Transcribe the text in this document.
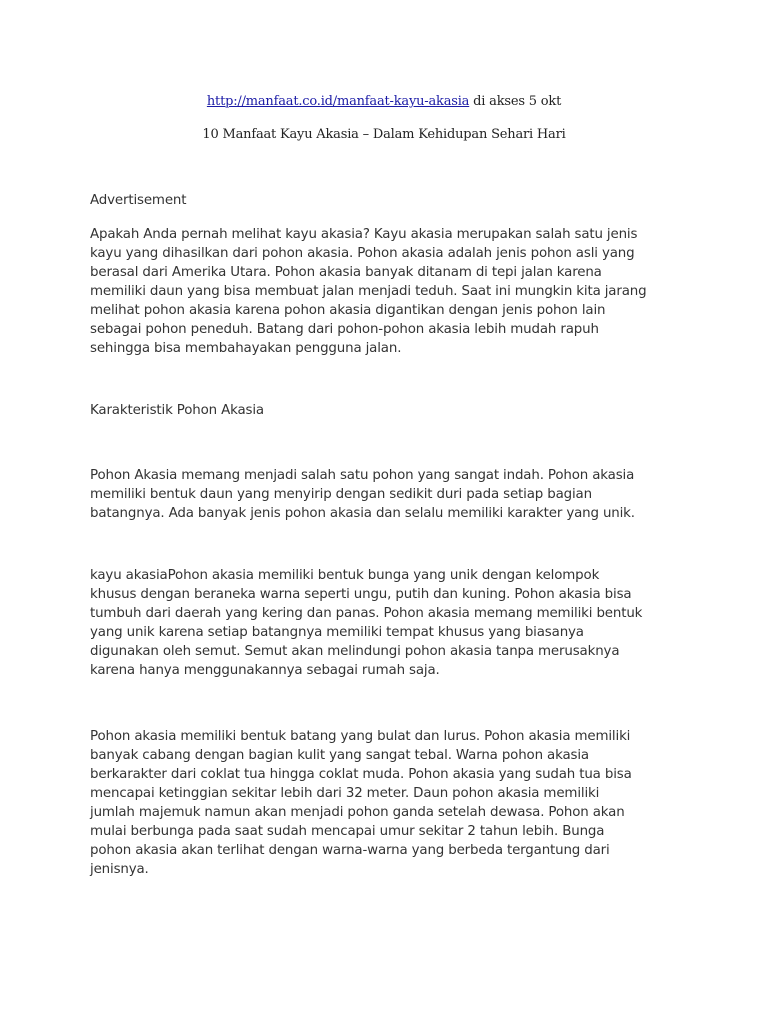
http://manfaat.co.id/manfaat-kayu-akasia di akses 5 okt
10 Manfaat Kayu Akasia – Dalam Kehidupan Sehari Hari
Advertisement
Apakah Anda pernah melihat kayu akasia? Kayu akasia merupakan salah satu jenis
kayu yang dihasilkan dari pohon akasia. Pohon akasia adalah jenis pohon asli yang
berasal dari Amerika Utara. Pohon akasia banyak ditanam di tepi jalan karena
memiliki daun yang bisa membuat jalan menjadi teduh. Saat ini mungkin kita jarang
melihat pohon akasia karena pohon akasia digantikan dengan jenis pohon lain
sebagai pohon peneduh. Batang dari pohon-pohon akasia lebih mudah rapuh
sehingga bisa membahayakan pengguna jalan.
Karakteristik Pohon Akasia
Pohon Akasia memang menjadi salah satu pohon yang sangat indah. Pohon akasia
memiliki bentuk daun yang menyirip dengan sedikit duri pada setiap bagian
batangnya. Ada banyak jenis pohon akasia dan selalu memiliki karakter yang unik.
kayu akasiaPohon akasia memiliki bentuk bunga yang unik dengan kelompok
khusus dengan beraneka warna seperti ungu, putih dan kuning. Pohon akasia bisa
tumbuh dari daerah yang kering dan panas. Pohon akasia memang memiliki bentuk
yang unik karena setiap batangnya memiliki tempat khusus yang biasanya
digunakan oleh semut. Semut akan melindungi pohon akasia tanpa merusaknya
karena hanya menggunakannya sebagai rumah saja.
Pohon akasia memiliki bentuk batang yang bulat dan lurus. Pohon akasia memiliki
banyak cabang dengan bagian kulit yang sangat tebal. Warna pohon akasia
berkarakter dari coklat tua hingga coklat muda. Pohon akasia yang sudah tua bisa
mencapai ketinggian sekitar lebih dari 32 meter. Daun pohon akasia memiliki
jumlah majemuk namun akan menjadi pohon ganda setelah dewasa. Pohon akan
mulai berbunga pada saat sudah mencapai umur sekitar 2 tahun lebih. Bunga
pohon akasia akan terlihat dengan warna-warna yang berbeda tergantung dari
jenisnya.
